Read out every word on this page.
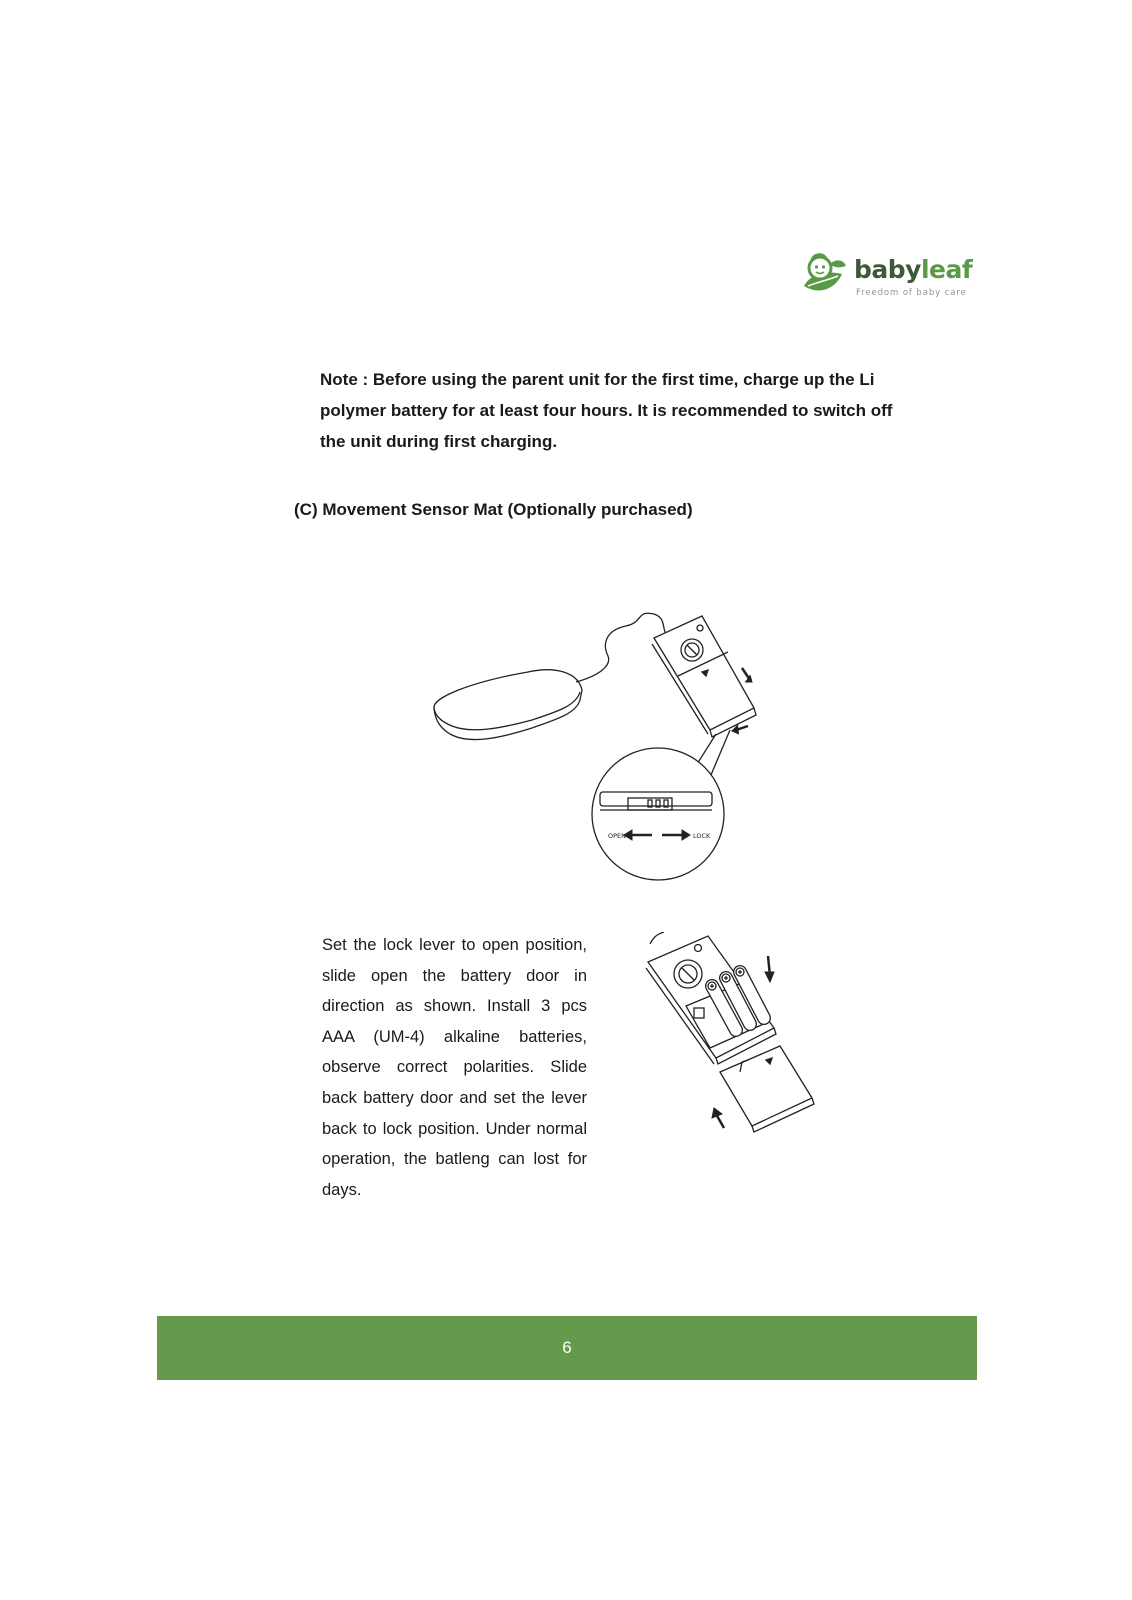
babyleaf
Freedom of baby care
Note : Before using the parent unit for the first time, charge up the Li polymer battery for at least four hours. It is recommended to switch off the unit during first charging.
(C) Movement Sensor Mat (Optionally purchased)
OPEN	LOCK
Set the lock lever to open position, slide open the battery door in direction as shown. Install 3 pcs AAA (UM-4) alkaline batteries, observe correct polarities. Slide back battery door and set the lever back to lock position. Under normal operation, the batleng can lost for days.
6
